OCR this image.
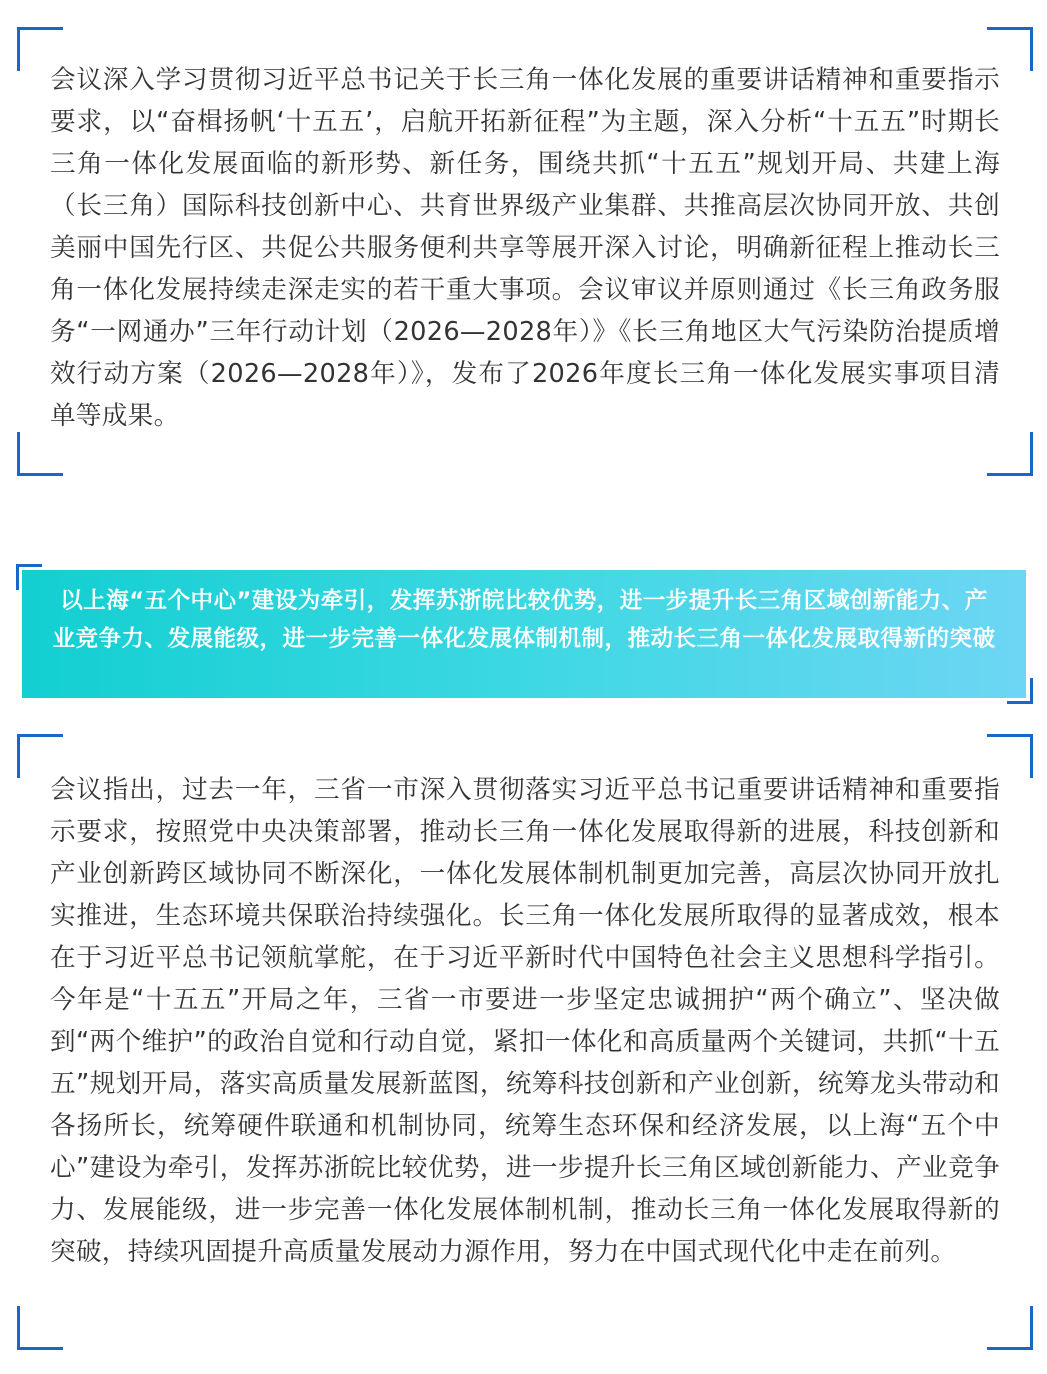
会议深入学习贯彻习近平总书记关于长三角一体化发展的重要讲话精神和重要指示要求，以“奋楫扬帆‘十五五’，启航开拓新征程”为主题，深入分析“十五五”时期长三角一体化发展面临的新形势、新任务，围绕共抓“十五五”规划开局、共建上海（长三角）国际科技创新中心、共育世界级产业集群、共推高层次协同开放、共创美丽中国先行区、共促公共服务便利共享等展开深入讨论，明确新征程上推动长三角一体化发展持续走深走实的若干重大事项。会议审议并原则通过《长三角政务服务“一网通办”三年行动计划（2026—2028年）》《长三角地区大气污染防治提质增效行动方案（2026—2028年）》，发布了2026年度长三角一体化发展实事项目清单等成果。

以上海“五个中心”建设为牵引，发挥苏浙皖比较优势，进一步提升长三角区域创新能力、产业竞争力、发展能级，进一步完善一体化发展体制机制，推动长三角一体化发展取得新的突破

会议指出，过去一年，三省一市深入贯彻落实习近平总书记重要讲话精神和重要指示要求，按照党中央决策部署，推动长三角一体化发展取得新的进展，科技创新和产业创新跨区域协同不断深化，一体化发展体制机制更加完善，高层次协同开放扎实推进，生态环境共保联治持续强化。长三角一体化发展所取得的显著成效，根本在于习近平总书记领航掌舵，在于习近平新时代中国特色社会主义思想科学指引。今年是“十五五”开局之年，三省一市要进一步坚定忠诚拥护“两个确立”、坚决做到“两个维护”的政治自觉和行动自觉，紧扣一体化和高质量两个关键词，共抓“十五五”规划开局，落实高质量发展新蓝图，统筹科技创新和产业创新，统筹龙头带动和各扬所长，统筹硬件联通和机制协同，统筹生态环保和经济发展，以上海“五个中心”建设为牵引，发挥苏浙皖比较优势，进一步提升长三角区域创新能力、产业竞争力、发展能级，进一步完善一体化发展体制机制，推动长三角一体化发展取得新的突破，持续巩固提升高质量发展动力源作用，努力在中国式现代化中走在前列。
